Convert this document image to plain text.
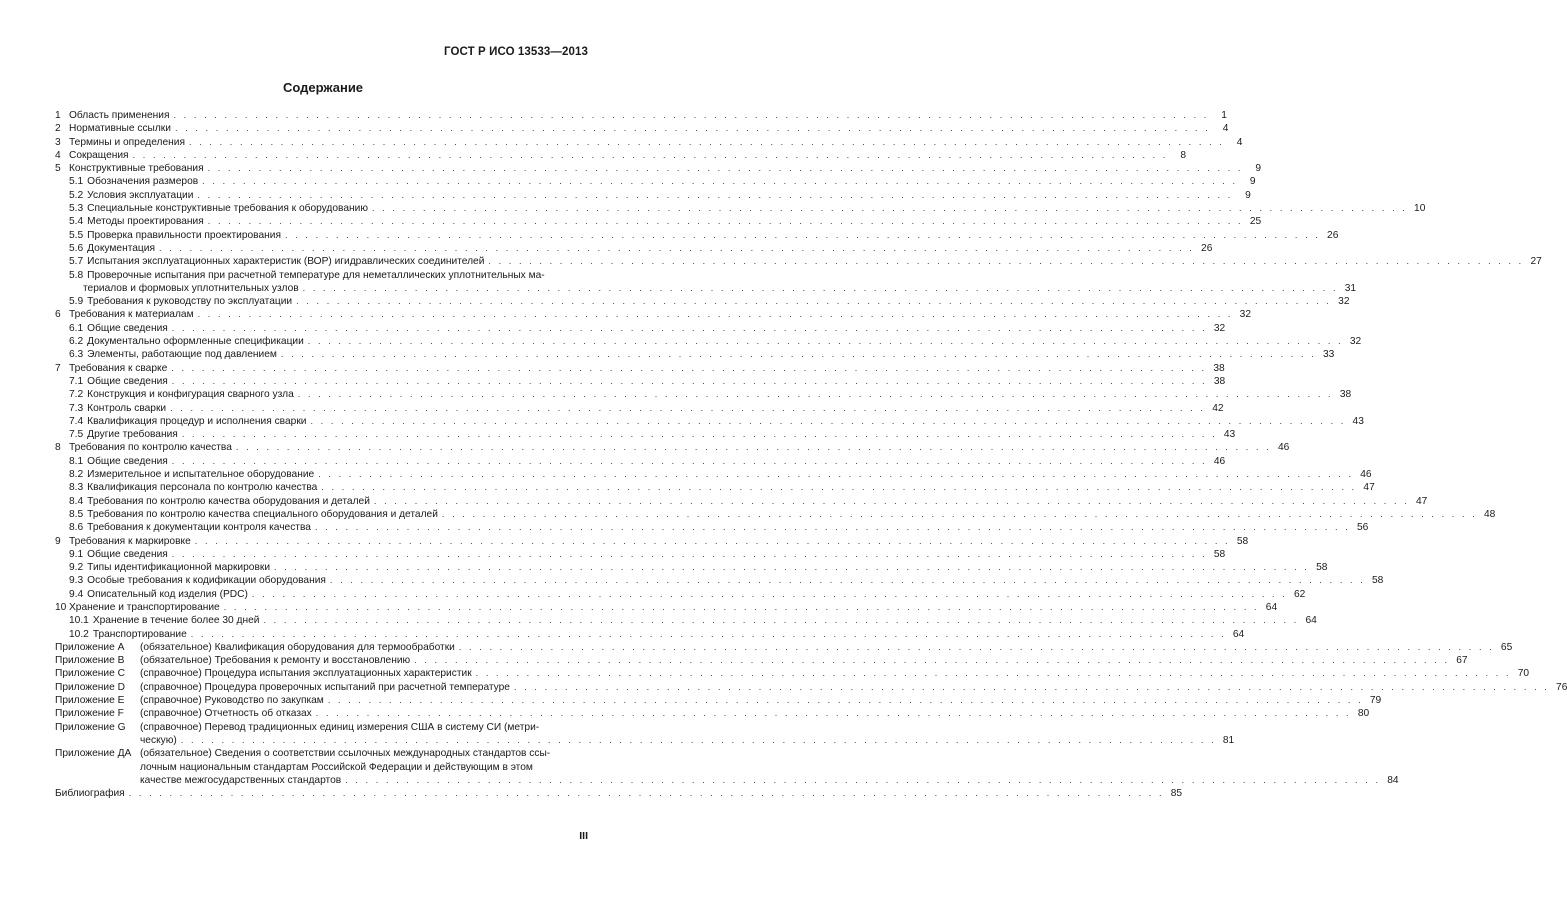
ГОСТ Р ИСО 13533—2013
Содержание
1 Область применения . . .	1
2 Нормативные ссылки . . .	4
3 Термины и определения . . .	4
4 Сокращения . . .	8
5 Конструктивные требования . . .	9
5.1 Обозначения размеров . . .	9
5.2 Условия эксплуатации . . .	9
5.3 Специальные конструктивные требования к оборудованию . . .	10
5.4 Методы проектирования . . .	25
5.5 Проверка правильности проектирования . . .	26
5.6 Документация . . .	26
5.7 Испытания эксплуатационных характеристик (ВОР) игидравлических соединителей . . .	27
5.8 Проверочные испытания при расчетной температуре для неметаллических уплотнительных ма-
териалов и формовых уплотнительных узлов . . .	31
5.9 Требования к руководству по эксплуатации . . .	32
6 Требования к материалам . . .	32
6.1 Общие сведения . . .	32
6.2 Документально оформленные спецификации . . .	32
6.3 Элементы, работающие под давлением . . .	33
7 Требования к сварке . . .	38
7.1 Общие сведения . . .	38
7.2 Конструкция и конфигурация сварного узла . . .	38
7.3 Контроль сварки . . .	42
7.4 Квалификация процедур и исполнения сварки . . .	43
7.5 Другие требования . . .	43
8 Требования по контролю качества . . .	46
8.1 Общие сведения . . .	46
8.2 Измерительное и испытательное оборудование . . .	46
8.3 Квалификация персонала по контролю качества . . .	47
8.4 Требования по контролю качества оборудования и деталей . . .	47
8.5 Требования по контролю качества специального оборудования и деталей . . .	48
8.6 Требования к документации контроля качества . . .	56
9 Требования к маркировке . . .	58
9.1 Общие сведения . . .	58
9.2 Типы идентификационной маркировки . . .	58
9.3 Особые требования к кодификации оборудования . . .	58
9.4 Описательный код изделия (PDC) . . .	62
10 Хранение и транспортирование . . .	64
10.1 Хранение в течение более 30 дней . . .	64
10.2 Транспортирование . . .	64
Приложение А	(обязательное) Квалификация оборудования для термообработки . . .	65
Приложение В	(обязательное) Требования к ремонту и восстановлению . . .	67
Приложение С	(справочное) Процедура испытания эксплуатационных характеристик . . .	70
Приложение D	(справочное) Процедура проверочных испытаний при расчетной температуре . . .	76
Приложение Е	(справочное) Руководство по закупкам . . .	79
Приложение F	(справочное) Отчетность об отказах . . .	80
Приложение G	(справочное) Перевод традиционных единиц измерения США в систему СИ (метри-
ческую) . . .	81
Приложение ДА (обязательное) Сведения о соответствии ссылочных международных стандартов ссы-
лочным национальным стандартам Российской Федерации и действующим в этом
качестве межгосударственных стандартов . . .	84
Библиография . . .	85
III
